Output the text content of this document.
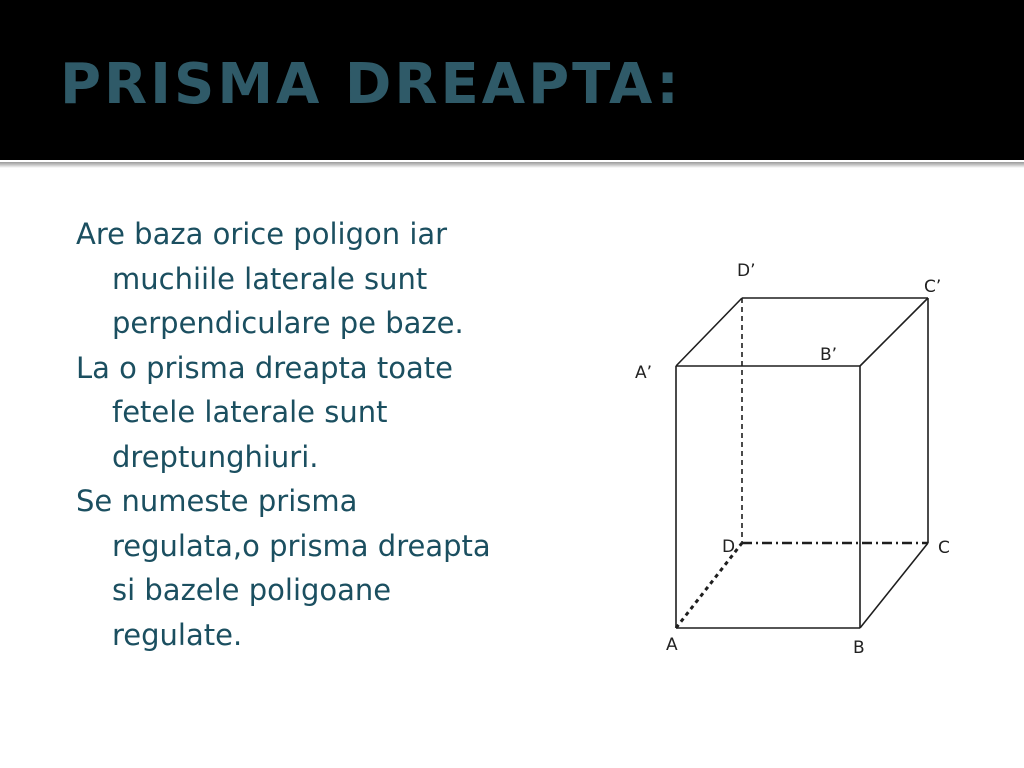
PRISMA DREAPTA:

Are baza orice poligon iar muchiile laterale sunt perpendiculare pe baze.

La o prisma dreapta toate fetele laterale sunt dreptunghiuri.

Se numeste prisma regulata,o prisma dreapta si bazele poligoane regulate.

D’
C’
B’
A’
D	C
A	B
